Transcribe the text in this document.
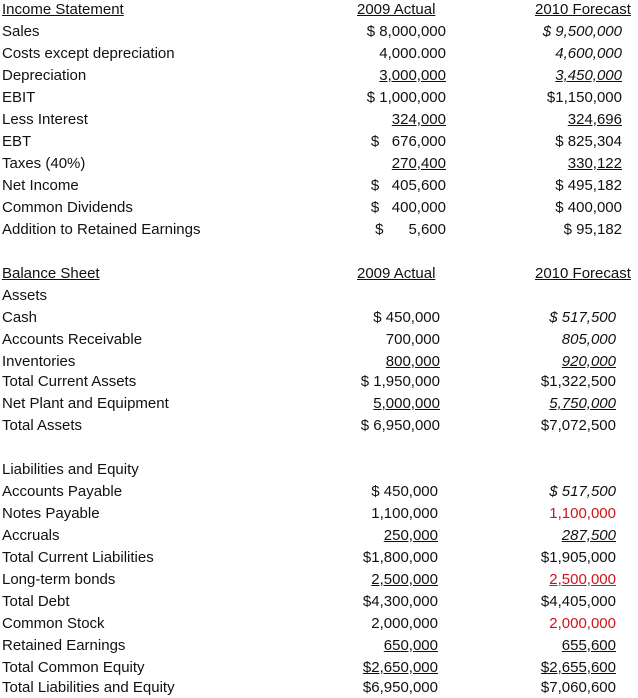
Income Statement	2009 Actual	2010 Forecast
Sales	$ 8,000,000	$ 9,500,000
Costs except depreciation	4,000.000	4,600,000
Depreciation	3,000,000	3,450,000
EBIT	$ 1,000,000	$1,150,000
Less Interest	324,000	324,696
EBT	$   676,000	$ 825,304
Taxes (40%)	270,400	330,122
Net Income	$   405,600	$ 495,182
Common Dividends	$   400,000	$ 400,000
Addition to Retained Earnings	$      5,600	$ 95,182
Balance Sheet	2009 Actual	2010 Forecast
Assets
Cash	$ 450,000	$ 517,500
Accounts Receivable	700,000	805,000
Inventories	800,000	920,000
Total Current Assets	$ 1,950,000	$1,322,500
Net Plant and Equipment	5,000,000	5,750,000
Total Assets	$ 6,950,000	$7,072,500
Liabilities and Equity
Accounts Payable	$ 450,000	$ 517,500
Notes Payable	1,100,000	1,100,000
Accruals	250,000	287,500
Total Current Liabilities	$1,800,000	$1,905,000
Long-term bonds	2,500,000	2,500,000
Total Debt	$4,300,000	$4,405,000
Common Stock	2,000,000	2,000,000
Retained Earnings	650,000	655,600
Total Common Equity	$2,650,000	$2,655,600
Total Liabilities and Equity	$6,950,000	$7,060,600
